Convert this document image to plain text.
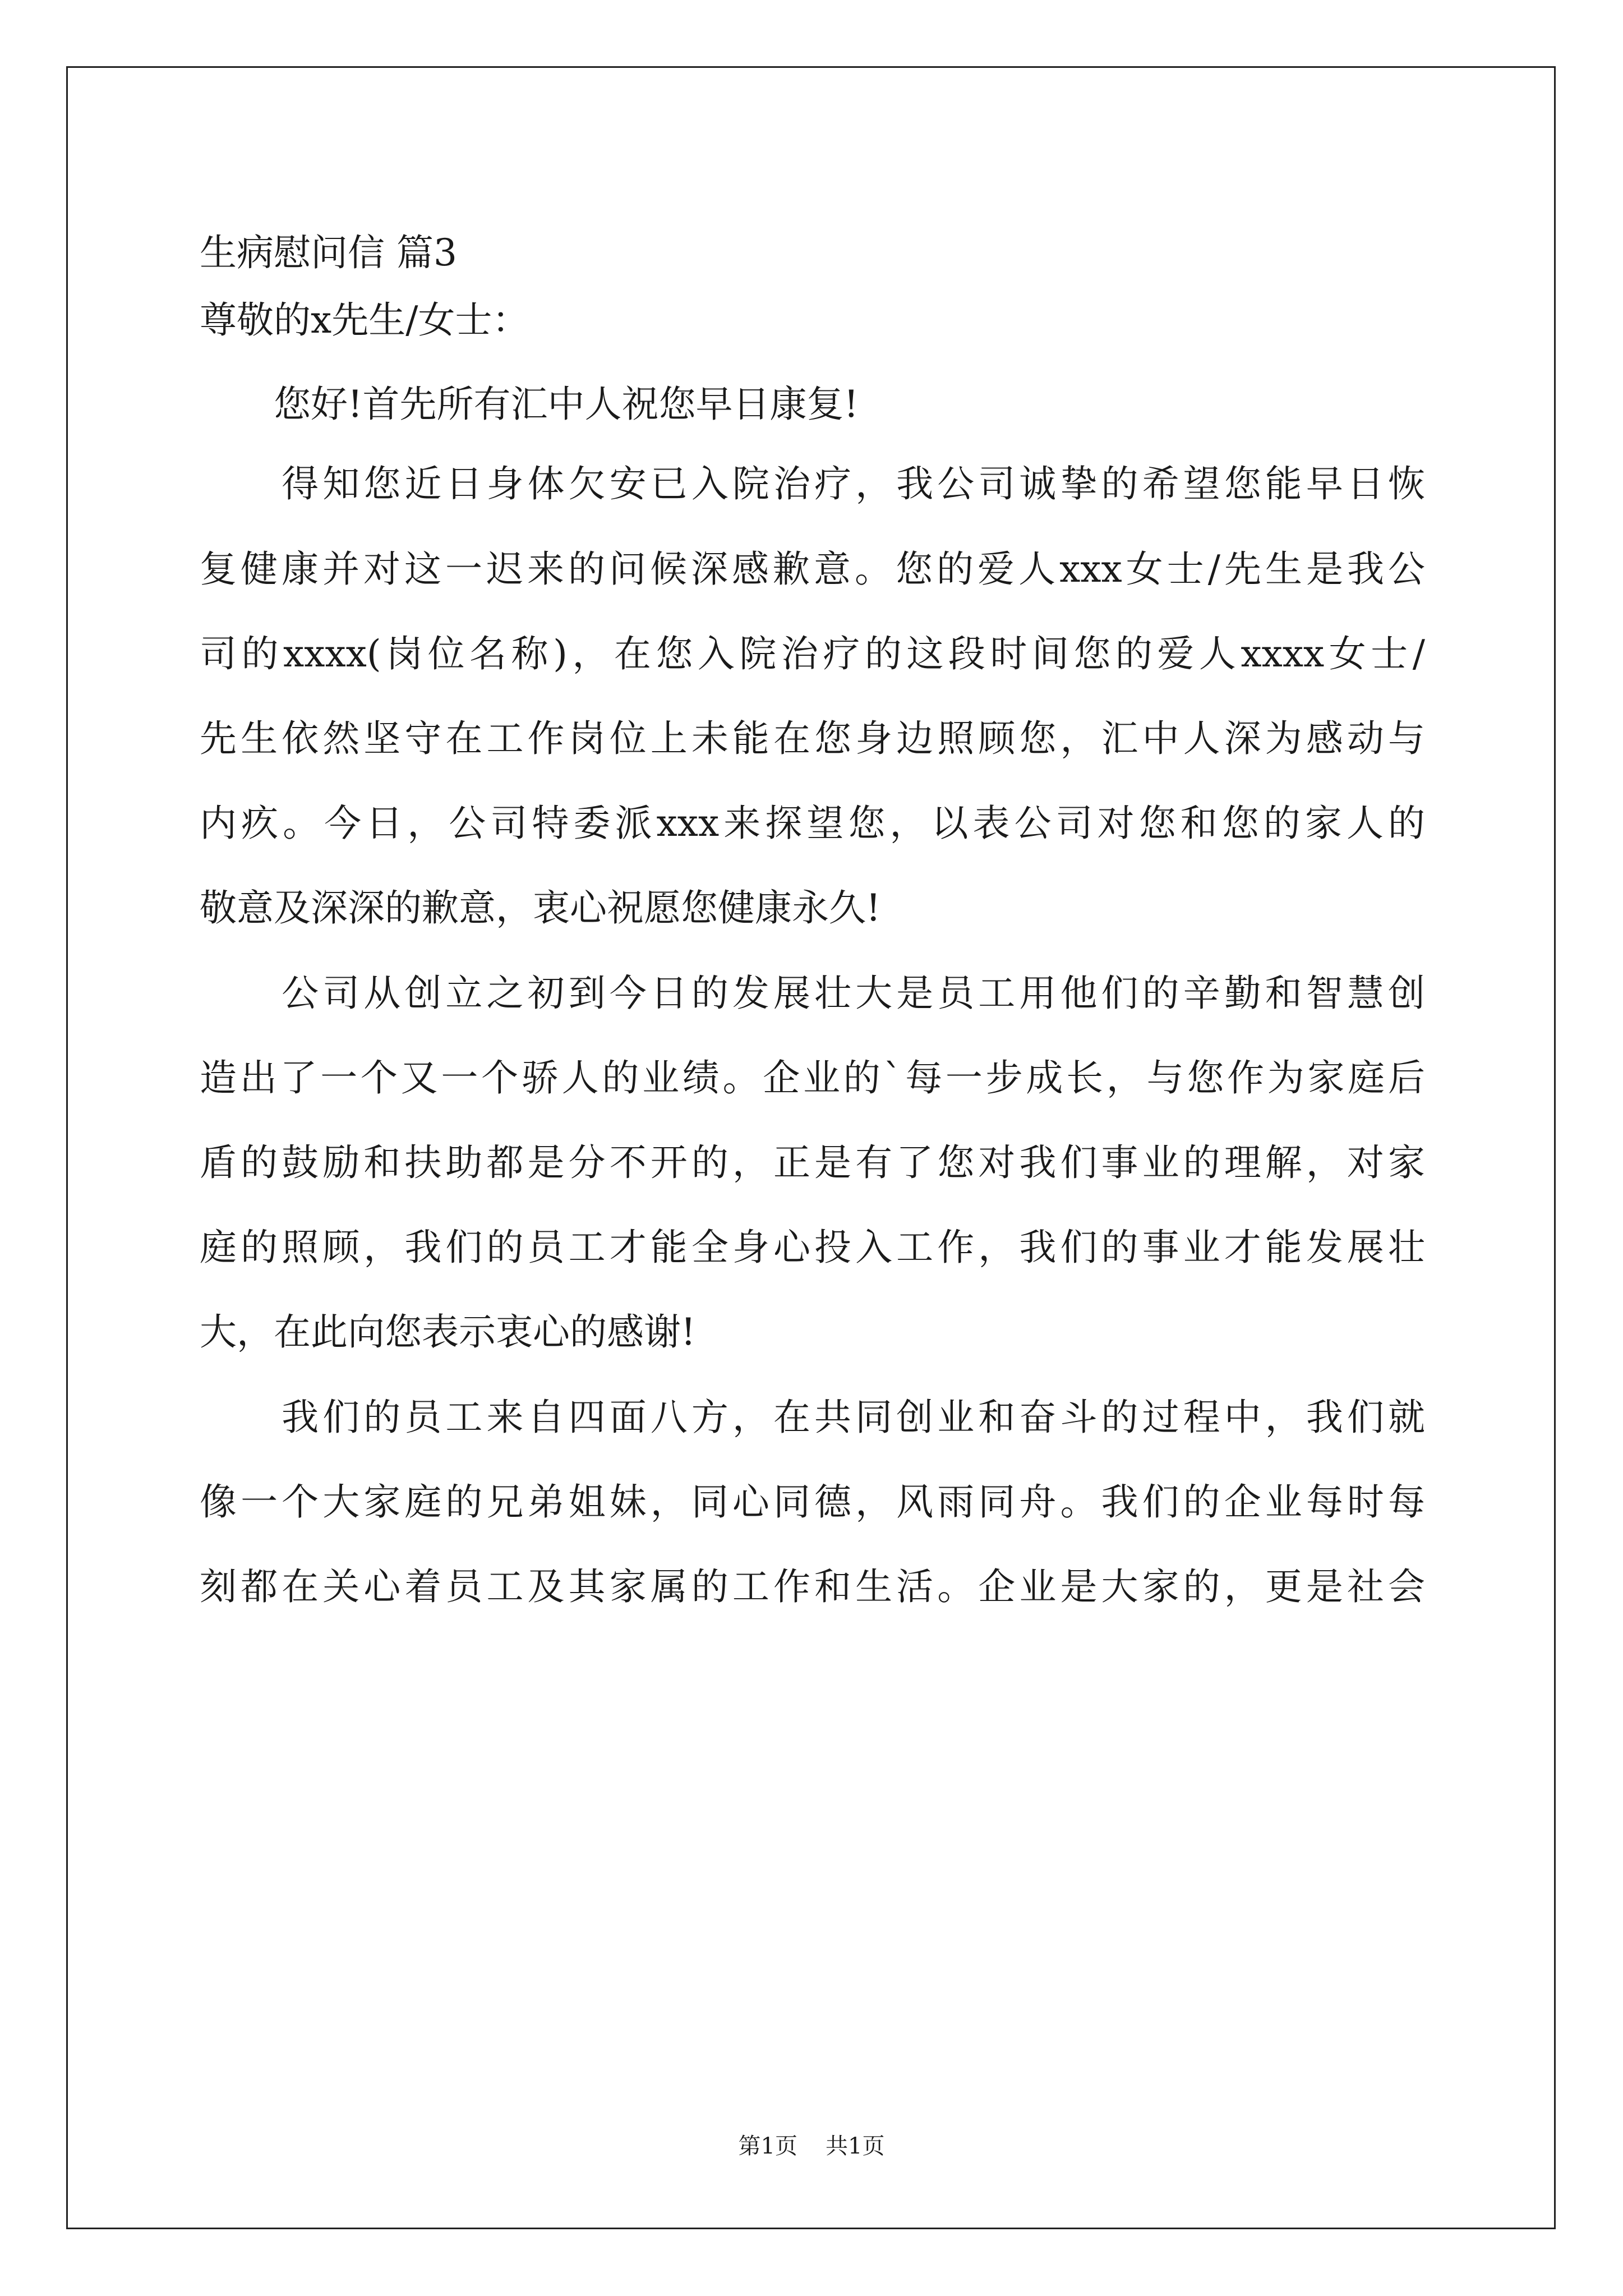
生病慰问信 篇3
尊敬的x先生/女士：
　　您好!首先所有汇中人祝您早日康复!
　　得知您近日身体欠安已入院治疗，我公司诚挚的希望您能早日恢
复健康并对这一迟来的问候深感歉意。您的爱人xxx女士/先生是我公
司的xxxx(岗位名称)，在您入院治疗的这段时间您的爱人xxxx女士/
先生依然坚守在工作岗位上未能在您身边照顾您，汇中人深为感动与
内疚。今日，公司特委派xxx来探望您，以表公司对您和您的家人的
敬意及深深的歉意，衷心祝愿您健康永久!
　　公司从创立之初到今日的发展壮大是员工用他们的辛勤和智慧创
造出了一个又一个骄人的业绩。企业的`每一步成长，与您作为家庭后
盾的鼓励和扶助都是分不开的，正是有了您对我们事业的理解，对家
庭的照顾，我们的员工才能全身心投入工作，我们的事业才能发展壮
大，在此向您表示衷心的感谢!
　　我们的员工来自四面八方，在共同创业和奋斗的过程中，我们就
像一个大家庭的兄弟姐妹，同心同德，风雨同舟。我们的企业每时每
刻都在关心着员工及其家属的工作和生活。企业是大家的，更是社会
第1页 共1页
